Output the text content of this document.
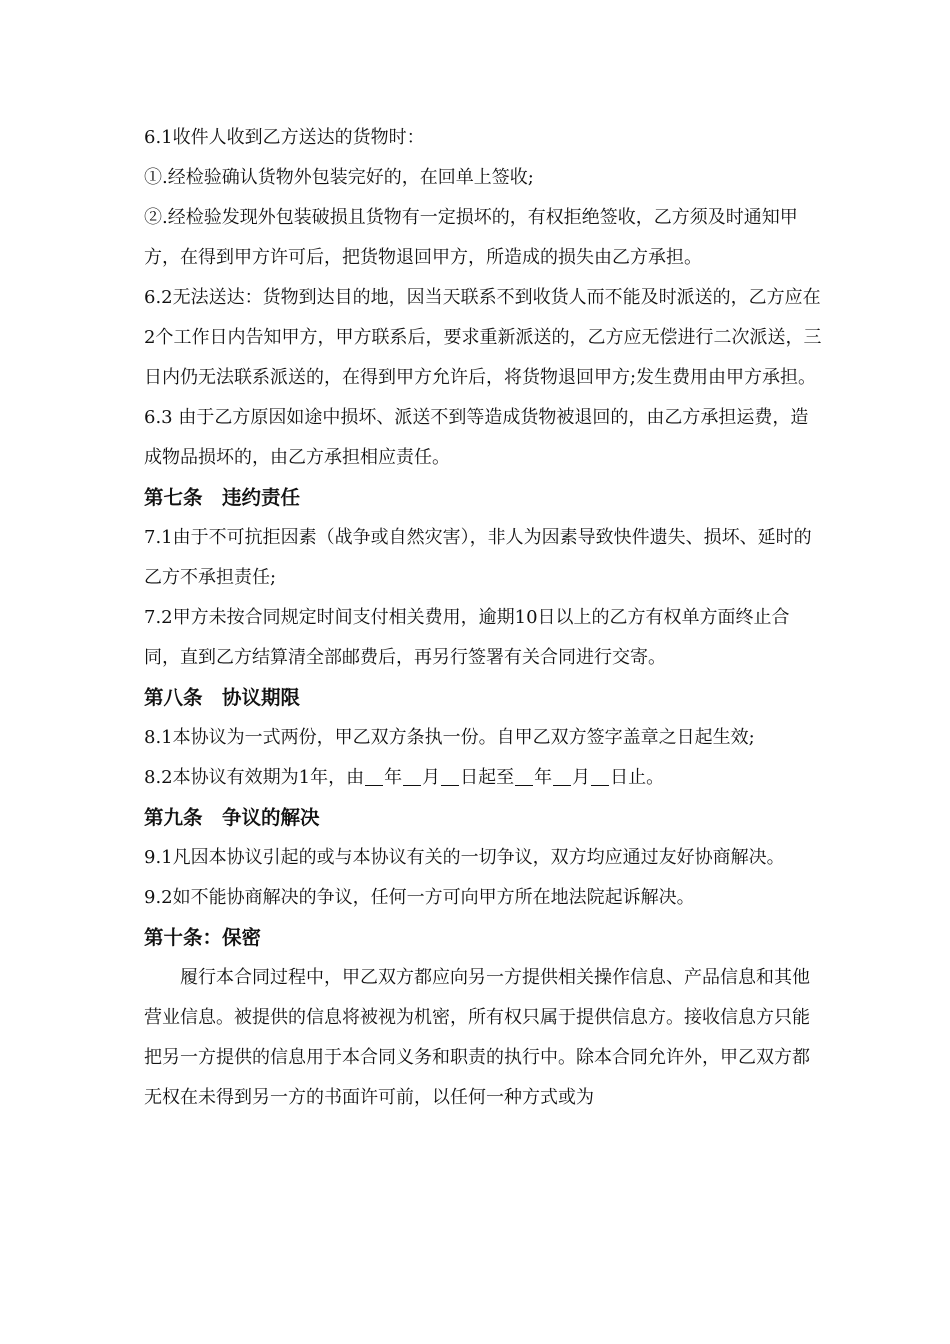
6.1收件人收到乙方送达的货物时：

①.经检验确认货物外包装完好的，在回单上签收;

②.经检验发现外包装破损且货物有一定损坏的，有权拒绝签收，乙方须及时通知甲方，在得到甲方许可后，把货物退回甲方，所造成的损失由乙方承担。

6.2无法送达：货物到达目的地，因当天联系不到收货人而不能及时派送的，乙方应在2个工作日内告知甲方，甲方联系后，要求重新派送的，乙方应无偿进行二次派送，三日内仍无法联系派送的，在得到甲方允许后，将货物退回甲方;发生费用由甲方承担。

6.3 由于乙方原因如途中损坏、派送不到等造成货物被退回的，由乙方承担运费，造成物品损坏的，由乙方承担相应责任。

第七条　违约责任

7.1由于不可抗拒因素（战争或自然灾害），非人为因素导致快件遗失、损坏、延时的乙方不承担责任;

7.2甲方未按合同规定时间支付相关费用，逾期10日以上的乙方有权单方面终止合同，直到乙方结算清全部邮费后，再另行签署有关合同进行交寄。

第八条　协议期限

8.1本协议为一式两份，甲乙双方条执一份。自甲乙双方签字盖章之日起生效;

8.2本协议有效期为1年，由 年 月 日起至 年 月 日止。

第九条　争议的解决

9.1凡因本协议引起的或与本协议有关的一切争议，双方均应通过友好协商解决。

9.2如不能协商解决的争议，任何一方可向甲方所在地法院起诉解决。

第十条：保密

履行本合同过程中，甲乙双方都应向另一方提供相关操作信息、产品信息和其他营业信息。被提供的信息将被视为机密，所有权只属于提供信息方。接收信息方只能把另一方提供的信息用于本合同义务和职责的执行中。除本合同允许外，甲乙双方都无权在未得到另一方的书面许可前，以任何一种方式或为
